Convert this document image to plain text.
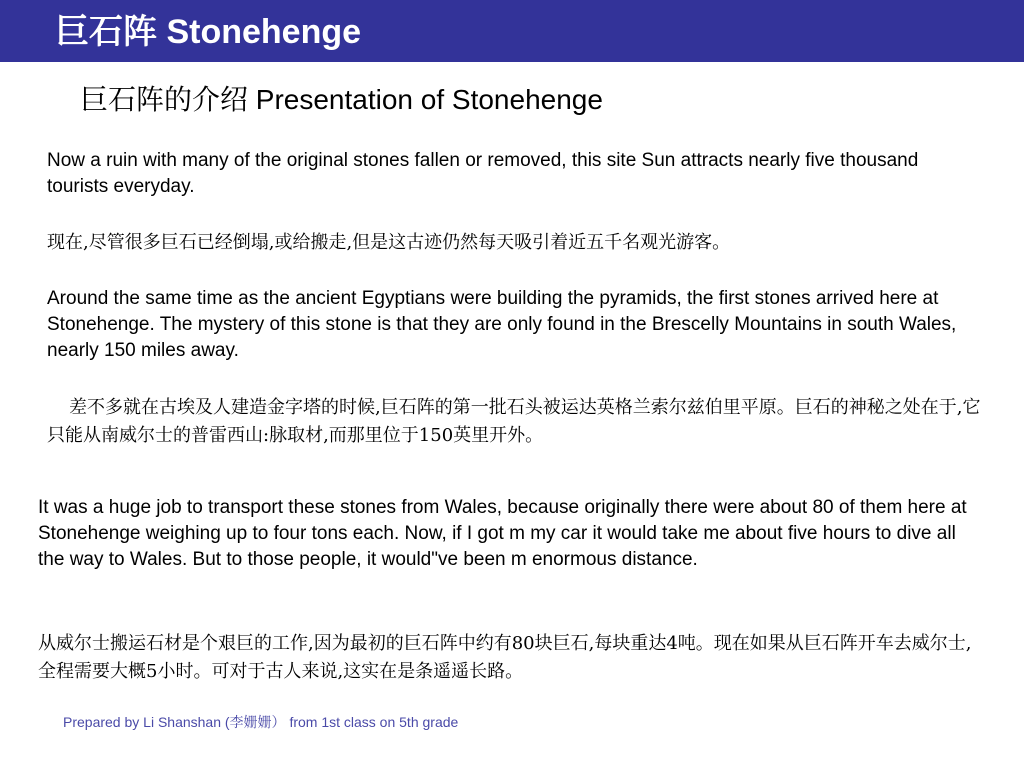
巨石阵 Stonehenge
巨石阵的介绍 Presentation of Stonehenge

Now a ruin with many of the original stones fallen or removed, this site Sun attracts nearly five thousand tourists everyday.

现在,尽管很多巨石已经倒塌,或给搬走,但是这古迹仍然每天吸引着近五千名观光游客。

Around the same time as the ancient Egyptians were building the pyramids, the first stones arrived here at Stonehenge. The mystery of this stone is that they are only found in the Brescelly Mountains in south Wales, nearly 150 miles away.

差不多就在古埃及人建造金字塔的时候,巨石阵的第一批石头被运达英格兰索尔兹伯里平原。巨石的神秘之处在于,它只能从南威尔士的普雷西山:脉取材,而那里位于150英里开外。

It was a huge job to transport these stones from Wales, because originally there were about 80 of them here at Stonehenge weighing up to four tons each. Now, if I got m my car it would take me about five hours to dive all the way to Wales. But to those people, it would"ve been m enormous distance.

从威尔士搬运石材是个艰巨的工作,因为最初的巨石阵中约有80块巨石,每块重达4吨。现在如果从巨石阵开车去威尔士,全程需要大概5小时。可对于古人来说,这实在是条遥遥长路。

Prepared by Li Shanshan (李姗姗） from 1st class on 5th grade
